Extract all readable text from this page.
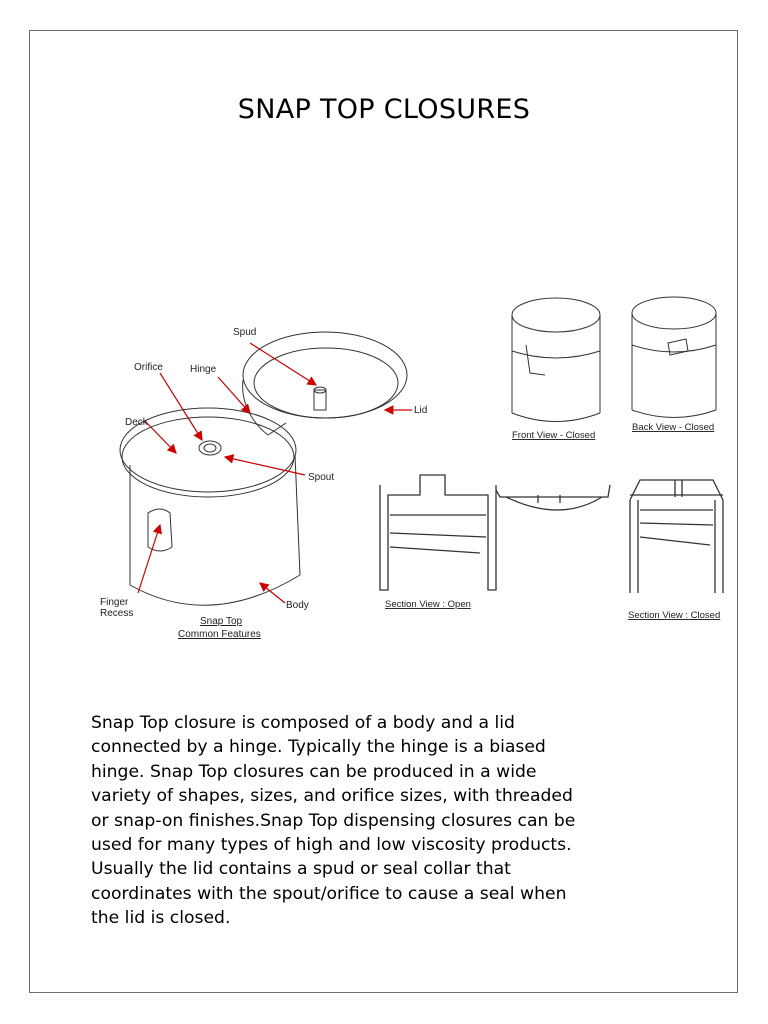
SNAP TOP CLOSURES
Spud
Orifice	Hinge
Deck
Lid
Spout
Finger
Recess
Body
Snap Top
Common Features
Front View - Closed
Back View - Closed
Section View : Open
Section View : Closed

Snap Top closure is composed of a body and a lid

connected by a hinge. Typically the hinge is a biased

hinge. Snap Top closures can be produced in a wide

variety of shapes, sizes, and orifice sizes, with threaded

or snap-on finishes.Snap Top dispensing closures can be

used for many types of high and low viscosity products.

Usually the lid contains a spud or seal collar that

coordinates with the spout/orifice to cause a seal when

the lid is closed.
